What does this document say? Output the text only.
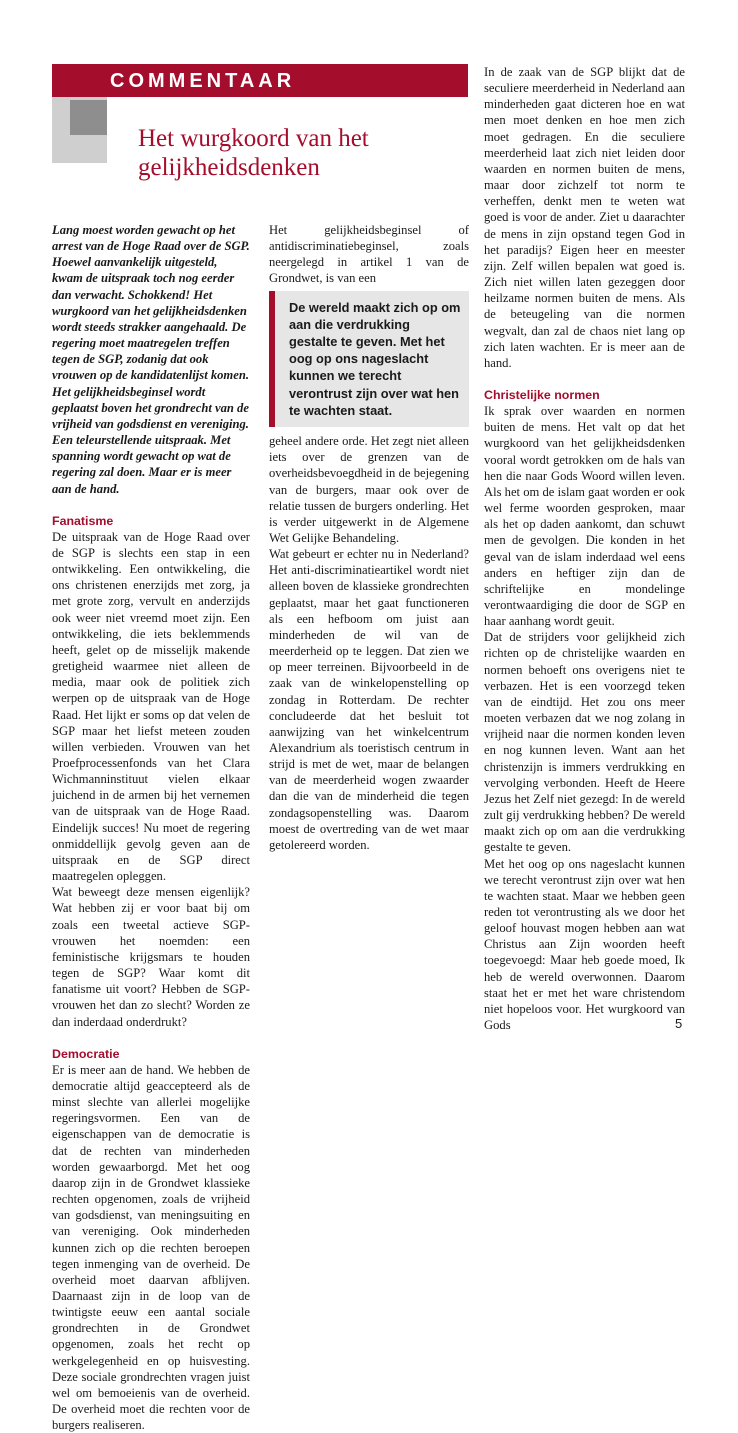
COMMENTAAR
Het wurgkoord van het gelijkheidsdenken

Lang moest worden gewacht op het arrest van de Hoge Raad over de SGP. Hoewel aanvankelijk uitgesteld, kwam de uitspraak toch nog eerder dan verwacht. Schokkend! Het wurgkoord van het gelijkheidsdenken wordt steeds strakker aangehaald. De regering moet maatregelen treffen tegen de SGP, zodanig dat ook vrouwen op de kandidatenlijst komen. Het gelijkheidsbeginsel wordt geplaatst boven het grondrecht van de vrijheid van godsdienst en vereniging. Een teleurstellende uitspraak. Met spanning wordt gewacht op wat de regering zal doen. Maar er is meer aan de hand.

Fanatisme

De uitspraak van de Hoge Raad over de SGP is slechts een stap in een ontwikkeling. Een ontwikkeling, die ons christenen enerzijds met zorg, ja met grote zorg, vervult en anderzijds ook weer niet vreemd moet zijn. Een ontwikkeling, die iets beklemmends heeft, gelet op de misselijk makende gretigheid waarmee niet alleen de media, maar ook de politiek zich werpen op de uitspraak van de Hoge Raad. Het lijkt er soms op dat velen de SGP maar het liefst meteen zouden willen verbieden. Vrouwen van het Proefprocessenfonds van het Clara Wichmanninstituut vielen elkaar juichend in de armen bij het vernemen van de uitspraak van de Hoge Raad. Eindelijk succes! Nu moet de regering onmiddellijk gevolg geven aan de uitspraak en de SGP direct maatregelen opleggen.

Wat beweegt deze mensen eigenlijk? Wat hebben zij er voor baat bij om zoals een tweetal actieve SGP-vrouwen het noemden: een feministische krijgsmars te houden tegen de SGP? Waar komt dit fanatisme uit voort? Hebben de SGP-vrouwen het dan zo slecht? Worden ze dan inderdaad onderdrukt?

Democratie

Er is meer aan de hand. We hebben de democratie altijd geaccepteerd als de minst slechte van allerlei mogelijke regeringsvormen. Een van de eigenschappen van de democratie is dat de rechten van minderheden worden gewaarborgd. Met het oog daarop zijn in de Grondwet klassieke rechten opgenomen, zoals de vrijheid van godsdienst, van meningsuiting en van vereniging. Ook minderheden kunnen zich op die rechten beroepen tegen inmenging van de overheid. De overheid moet daarvan afblijven. Daarnaast zijn in de loop van de twintigste eeuw een aantal sociale grondrechten in de Grondwet opgenomen, zoals het recht op werkgelegenheid en op huisvesting. Deze sociale grondrechten vragen juist wel om bemoeienis van de overheid. De overheid moet die rechten voor de burgers realiseren.

Het gelijkheidsbeginsel of antidiscriminatiebeginsel, zoals neergelegd in artikel 1 van de Grondwet, is van een

De wereld maakt zich op om aan die verdrukking gestalte te geven. Met het oog op ons nageslacht kunnen we terecht verontrust zijn over wat hen te wachten staat.

geheel andere orde. Het zegt niet alleen iets over de grenzen van de overheidsbevoegdheid in de bejegening van de burgers, maar ook over de relatie tussen de burgers onderling. Het is verder uitgewerkt in de Algemene Wet Gelijke Behandeling.

Wat gebeurt er echter nu in Nederland? Het anti-discriminatieartikel wordt niet alleen boven de klassieke grondrechten geplaatst, maar het gaat functioneren als een hefboom om juist aan minderheden de wil van de meerderheid op te leggen. Dat zien we op meer terreinen. Bijvoorbeeld in de zaak van de winkelopenstelling op zondag in Rotterdam. De rechter concludeerde dat het besluit tot aanwijzing van het winkelcentrum Alexandrium als toeristisch centrum in strijd is met de wet, maar de belangen van de meerderheid wogen zwaarder dan die van de minderheid die tegen zondagsopenstelling was. Daarom moest de overtreding van de wet maar getolereerd worden.

In de zaak van de SGP blijkt dat de seculiere meerderheid in Nederland aan minderheden gaat dicteren hoe en wat men moet denken en hoe men zich moet gedragen. En die seculiere meerderheid laat zich niet leiden door waarden en normen buiten de mens, maar door zichzelf tot norm te verheffen, denkt men te weten wat goed is voor de ander. Ziet u daarachter de mens in zijn opstand tegen God in het paradijs? Eigen heer en meester zijn. Zelf willen bepalen wat goed is. Zich niet willen laten gezeggen door heilzame normen buiten de mens. Als de beteugeling van die normen wegvalt, dan zal de chaos niet lang op zich laten wachten. Er is meer aan de hand.

Christelijke normen

Ik sprak over waarden en normen buiten de mens. Het valt op dat het wurgkoord van het gelijkheidsdenken vooral wordt getrokken om de hals van hen die naar Gods Woord willen leven. Als het om de islam gaat worden er ook wel ferme woorden gesproken, maar als het op daden aankomt, dan schuwt men de gevolgen. Die konden in het geval van de islam inderdaad wel eens anders en heftiger zijn dan de schriftelijke en mondelinge verontwaardiging die door de SGP en haar aanhang wordt geuit.

Dat de strijders voor gelijkheid zich richten op de christelijke waarden en normen behoeft ons overigens niet te verbazen. Het is een voorzegd teken van de eindtijd. Het zou ons meer moeten verbazen dat we nog zolang in vrijheid naar die normen konden leven en nog kunnen leven. Want aan het christenzijn is immers verdrukking en vervolging verbonden. Heeft de Heere Jezus het Zelf niet gezegd: In de wereld zult gij verdrukking hebben? De wereld maakt zich op om aan die verdrukking gestalte te geven.

Met het oog op ons nageslacht kunnen we terecht verontrust zijn over wat hen te wachten staat. Maar we hebben geen reden tot verontrusting als we door het geloof houvast mogen hebben aan wat Christus aan Zijn woorden heeft toegevoegd: Maar heb goede moed, Ik heb de wereld overwonnen. Daarom staat het er met het ware christendom niet hopeloos voor. Het wurgkoord van Gods	5
